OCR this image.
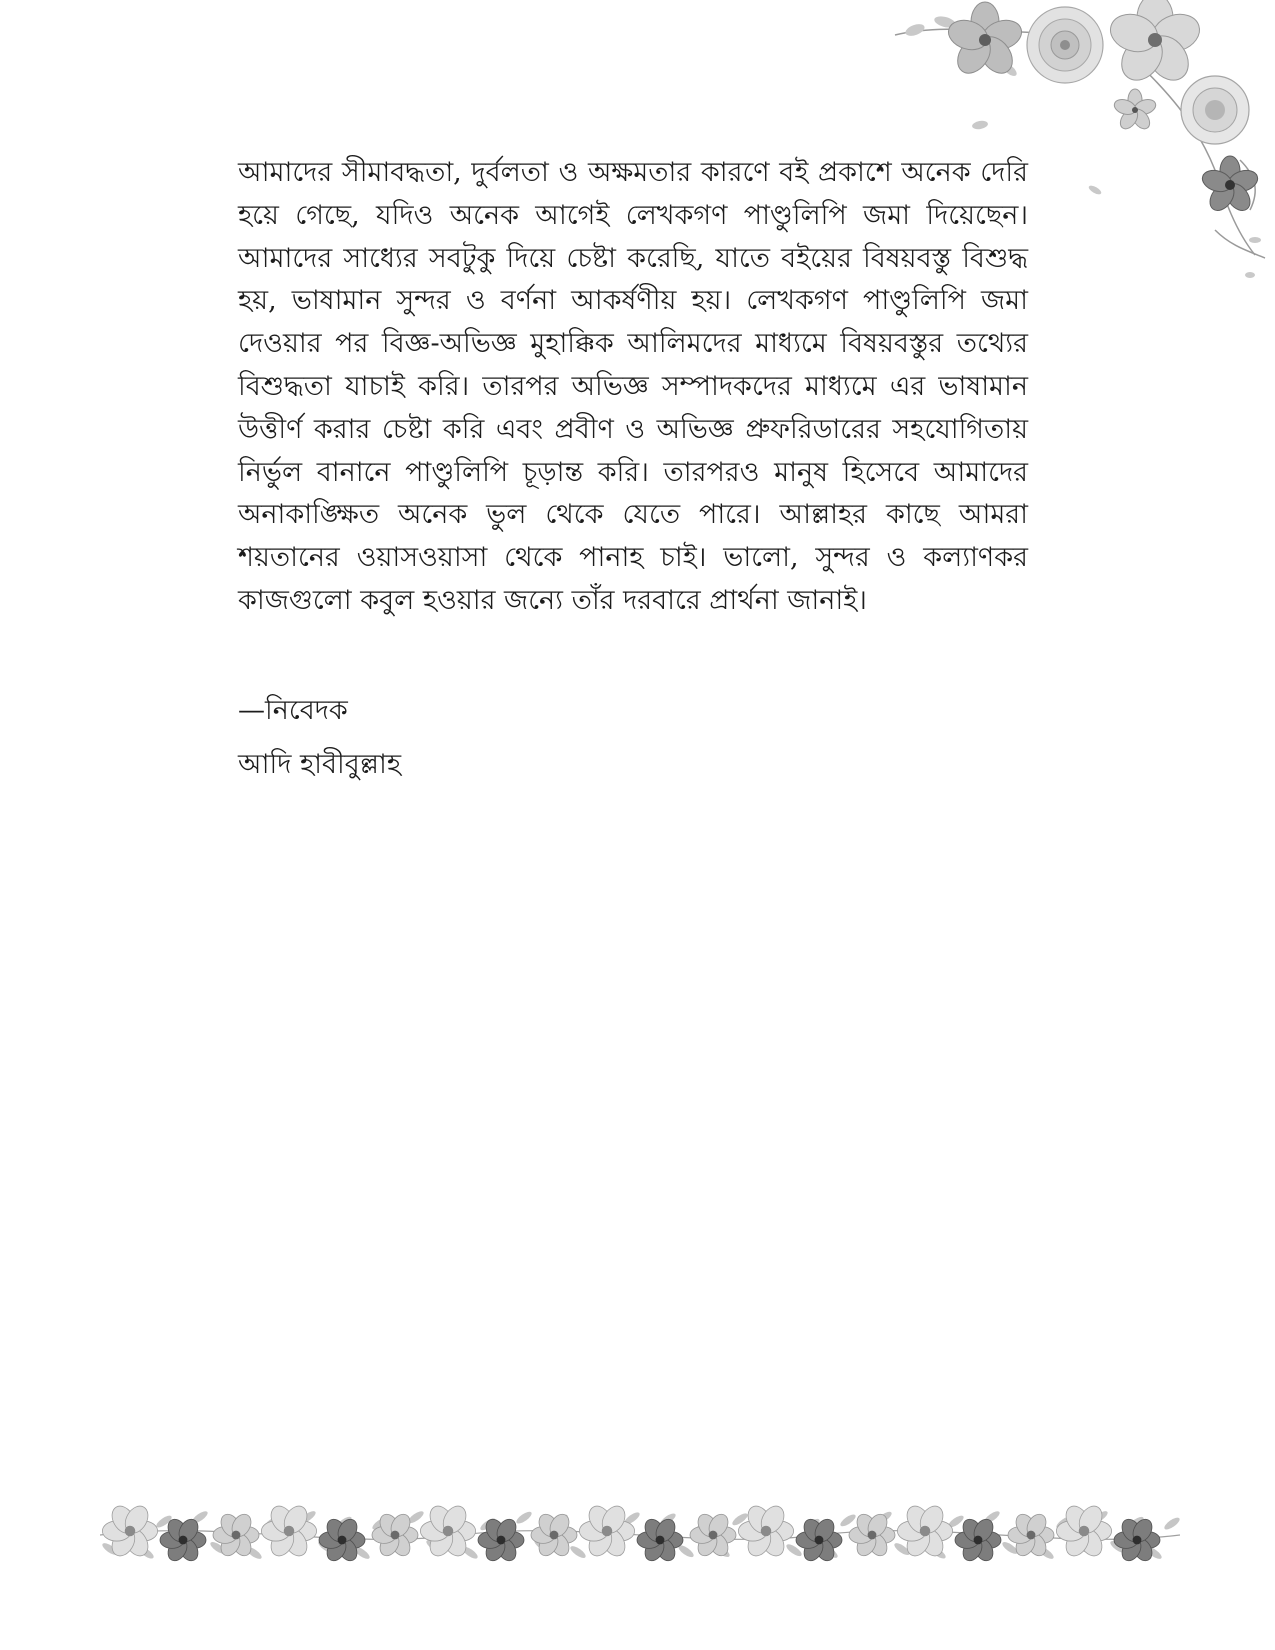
আমাদের সীমাবদ্ধতা, দুর্বলতা ও অক্ষমতার কারণে বই প্রকাশে অনেক দেরি হয়ে গেছে, যদিও অনেক আগেই লেখকগণ পাণ্ডুলিপি জমা দিয়েছেন। আমাদের সাধ্যের সবটুকু দিয়ে চেষ্টা করেছি, যাতে বইয়ের বিষয়বস্তু বিশুদ্ধ হয়, ভাষামান সুন্দর ও বর্ণনা আকর্ষণীয় হয়। লেখকগণ পাণ্ডুলিপি জমা দেওয়ার পর বিজ্ঞ-অভিজ্ঞ মুহাক্কিক আলিমদের মাধ্যমে বিষয়বস্তুর তথ্যের বিশুদ্ধতা যাচাই করি। তারপর অভিজ্ঞ সম্পাদকদের মাধ্যমে এর ভাষামান উত্তীর্ণ করার চেষ্টা করি এবং প্রবীণ ও অভিজ্ঞ প্রুফরিডারের সহযোগিতায় নির্ভুল বানানে পাণ্ডুলিপি চূড়ান্ত করি। তারপরও মানুষ হিসেবে আমাদের অনাকাঙ্ক্ষিত অনেক ভুল থেকে যেতে পারে। আল্লাহর কাছে আমরা শয়তানের ওয়াসওয়াসা থেকে পানাহ চাই। ভালো, সুন্দর ও কল্যাণকর কাজগুলো কবুল হওয়ার জন্যে তাঁর দরবারে প্রার্থনা জানাই।

—নিবেদক

আদি হাবীবুল্লাহ
